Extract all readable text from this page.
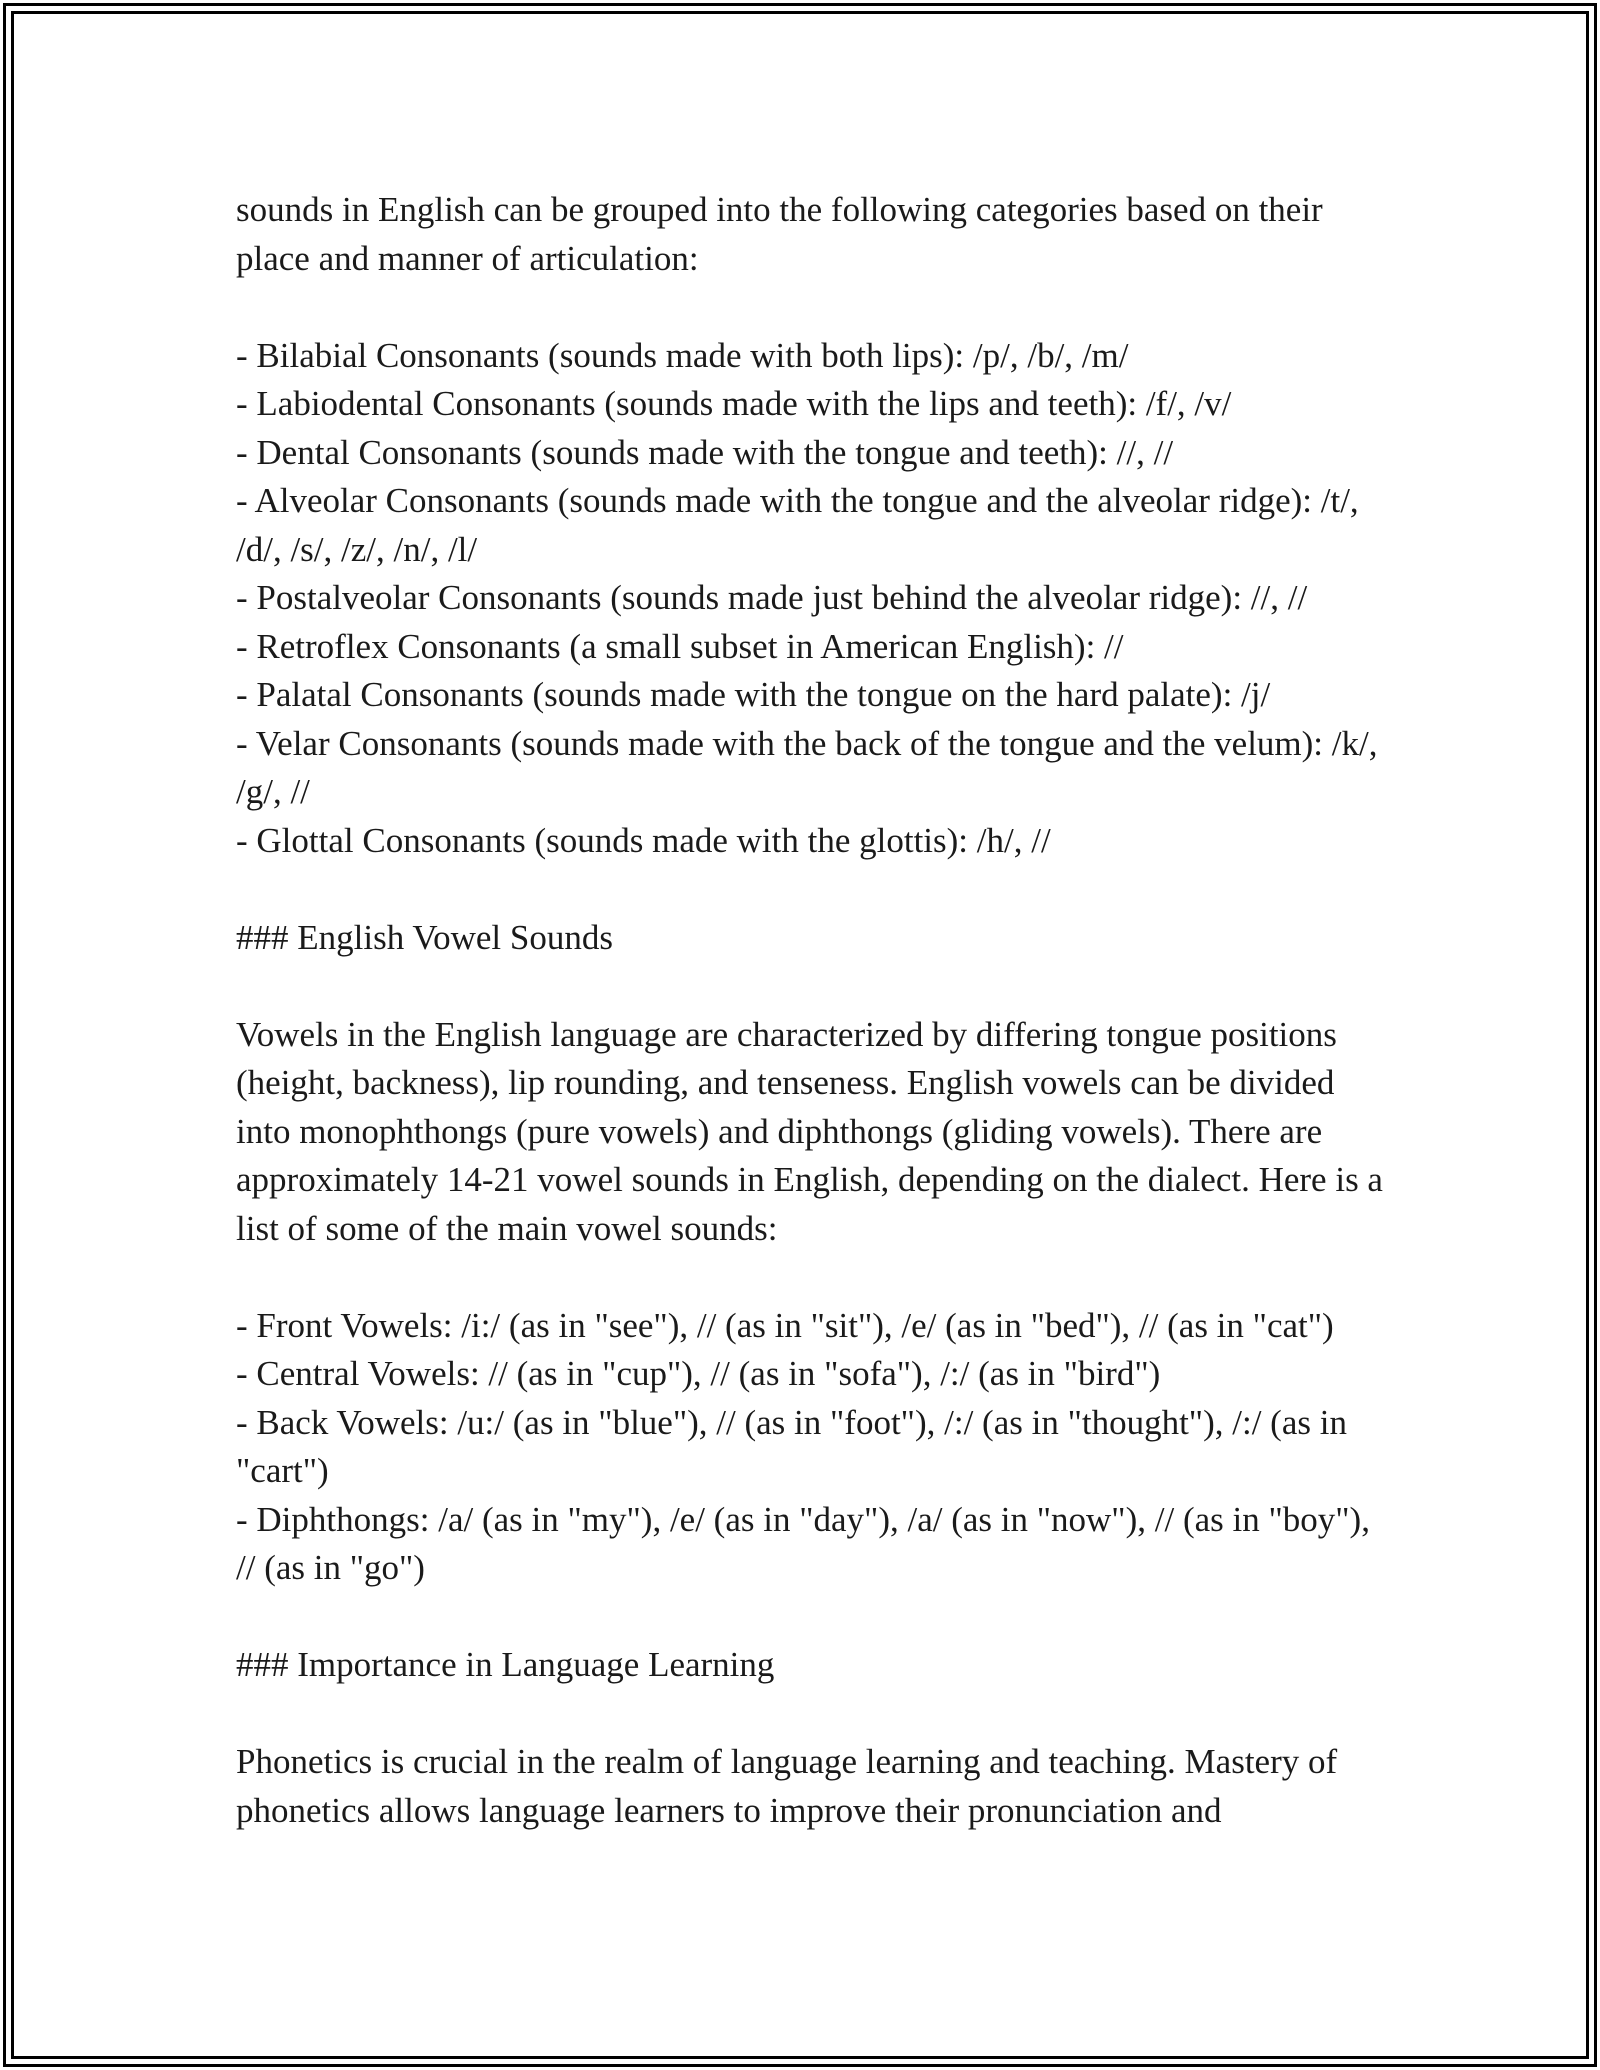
sounds in English can be grouped into the following categories based on their place and manner of articulation:

- Bilabial Consonants (sounds made with both lips): /p/, /b/, /m/
- Labiodental Consonants (sounds made with the lips and teeth): /f/, /v/
- Dental Consonants (sounds made with the tongue and teeth): //, //
- Alveolar Consonants (sounds made with the tongue and the alveolar ridge): /t/, /d/, /s/, /z/, /n/, /l/
- Postalveolar Consonants (sounds made just behind the alveolar ridge): //, //
- Retroflex Consonants (a small subset in American English): //
- Palatal Consonants (sounds made with the tongue on the hard palate): /j/
- Velar Consonants (sounds made with the back of the tongue and the velum): /k/, /g/, //
- Glottal Consonants (sounds made with the glottis): /h/, //

### English Vowel Sounds

Vowels in the English language are characterized by differing tongue positions (height, backness), lip rounding, and tenseness. English vowels can be divided into monophthongs (pure vowels) and diphthongs (gliding vowels). There are approximately 14-21 vowel sounds in English, depending on the dialect. Here is a list of some of the main vowel sounds:

- Front Vowels: /i:/ (as in "see"), // (as in "sit"), /e/ (as in "bed"), // (as in "cat")
- Central Vowels: // (as in "cup"), // (as in "sofa"), /:/ (as in "bird")
- Back Vowels: /u:/ (as in "blue"), // (as in "foot"), /:/ (as in "thought"), /:/ (as in "cart")
- Diphthongs: /a/ (as in "my"), /e/ (as in "day"), /a/ (as in "now"), // (as in "boy"), // (as in "go")

### Importance in Language Learning

Phonetics is crucial in the realm of language learning and teaching. Mastery of phonetics allows language learners to improve their pronunciation and
